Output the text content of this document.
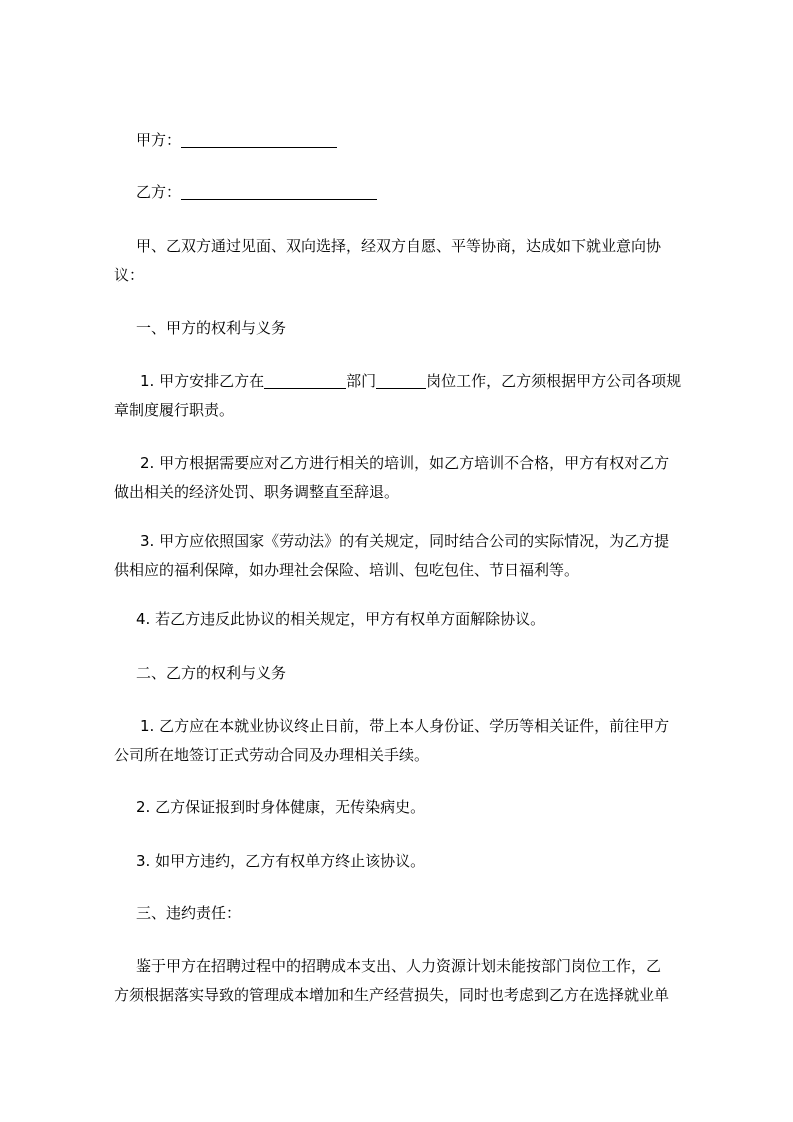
甲方：
乙方：
甲、乙双方通过见面、双向选择，经双方自愿、平等协商，达成如下就业意向协
议：
一、甲方的权利与义务
1. 甲方安排乙方在	部门	岗位工作，乙方须根据甲方公司各项规
章制度履行职责。
2. 甲方根据需要应对乙方进行相关的培训，如乙方培训不合格，甲方有权对乙方
做出相关的经济处罚、职务调整直至辞退。
3. 甲方应依照国家《劳动法》的有关规定，同时结合公司的实际情况，为乙方提
供相应的福利保障，如办理社会保险、培训、包吃包住、节日福利等。
4. 若乙方违反此协议的相关规定，甲方有权单方面解除协议。
二、乙方的权利与义务
1. 乙方应在本就业协议终止日前，带上本人身份证、学历等相关证件，前往甲方
公司所在地签订正式劳动合同及办理相关手续。
2. 乙方保证报到时身体健康，无传染病史。
3. 如甲方违约，乙方有权单方终止该协议。
三、违约责任：
鉴于甲方在招聘过程中的招聘成本支出、人力资源计划未能按部门岗位工作，乙
方须根据落实导致的管理成本增加和生产经营损失，同时也考虑到乙方在选择就业单
